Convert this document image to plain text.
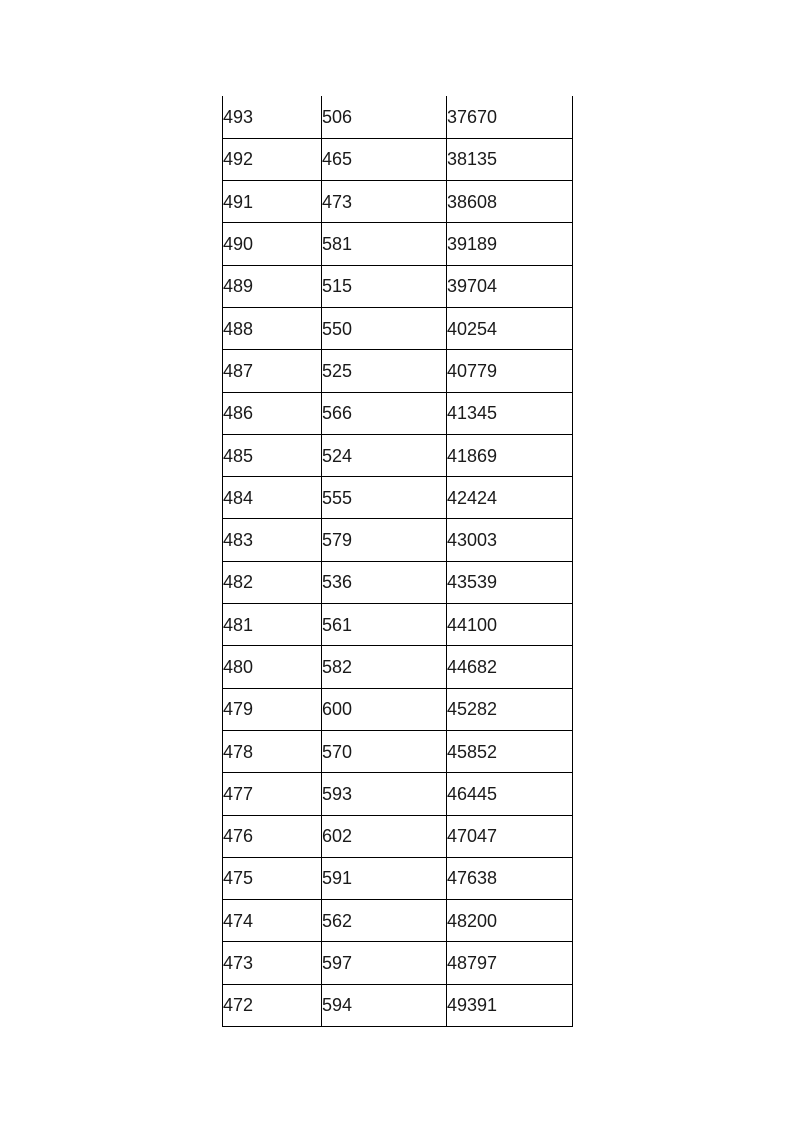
493	506	37670
492	465	38135
491	473	38608
490	581	39189
489	515	39704
488	550	40254
487	525	40779
486	566	41345
485	524	41869
484	555	42424
483	579	43003
482	536	43539
481	561	44100
480	582	44682
479	600	45282
478	570	45852
477	593	46445
476	602	47047
475	591	47638
474	562	48200
473	597	48797
472	594	49391
